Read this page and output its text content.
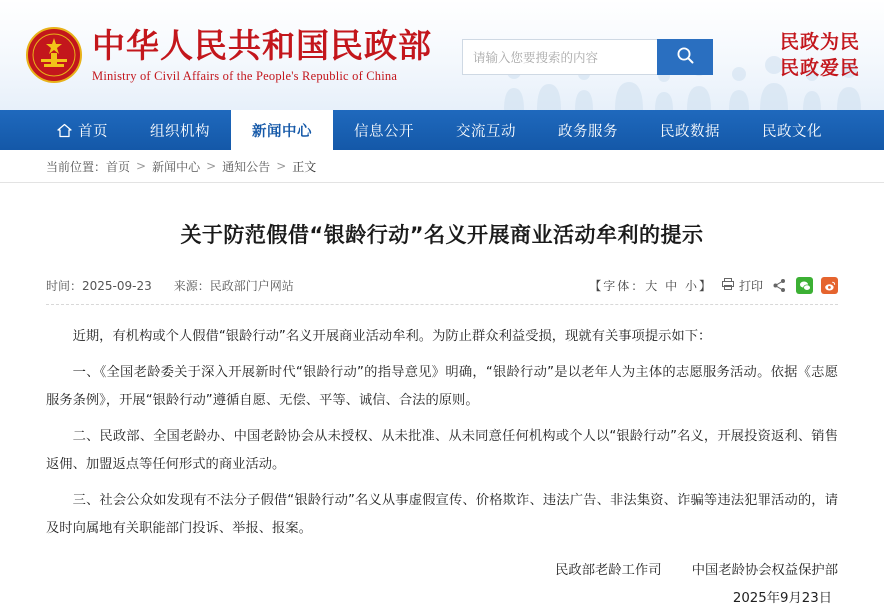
中华人民共和国民政部
Ministry of Civil Affairs of the People's Republic of China
请输入您要搜索的内容
民政为民
民政爱民
首页	组织机构	新闻中心	信息公开	交流互动	政务服务	民政数据	民政文化
当前位置： 首页 > 新闻中心 > 通知公告 > 正文
关于防范假借“银龄行动”名义开展商业活动牟利的提示
时间：2025-09-23 来源：民政部门户网站	【字体：大 中 小】 打印

近期，有机构或个人假借“银龄行动”名义开展商业活动牟利。为防止群众利益受损，现就有关事项提示如下：

一、《全国老龄委关于深入开展新时代“银龄行动”的指导意见》明确，“银龄行动”是以老年人为主体的志愿服务活动。依据《志愿服务条例》，开展“银龄行动”遵循自愿、无偿、平等、诚信、合法的原则。

二、民政部、全国老龄办、中国老龄协会从未授权、从未批准、从未同意任何机构或个人以“银龄行动”名义，开展投资返利、销售返佣、加盟返点等任何形式的商业活动。

三、社会公众如发现有不法分子假借“银龄行动”名义从事虚假宣传、价格欺诈、违法广告、非法集资、诈骗等违法犯罪活动的，请及时向属地有关职能部门投诉、举报、报案。

民政部老龄工作司 中国老龄协会权益保护部
2025年9月23日
